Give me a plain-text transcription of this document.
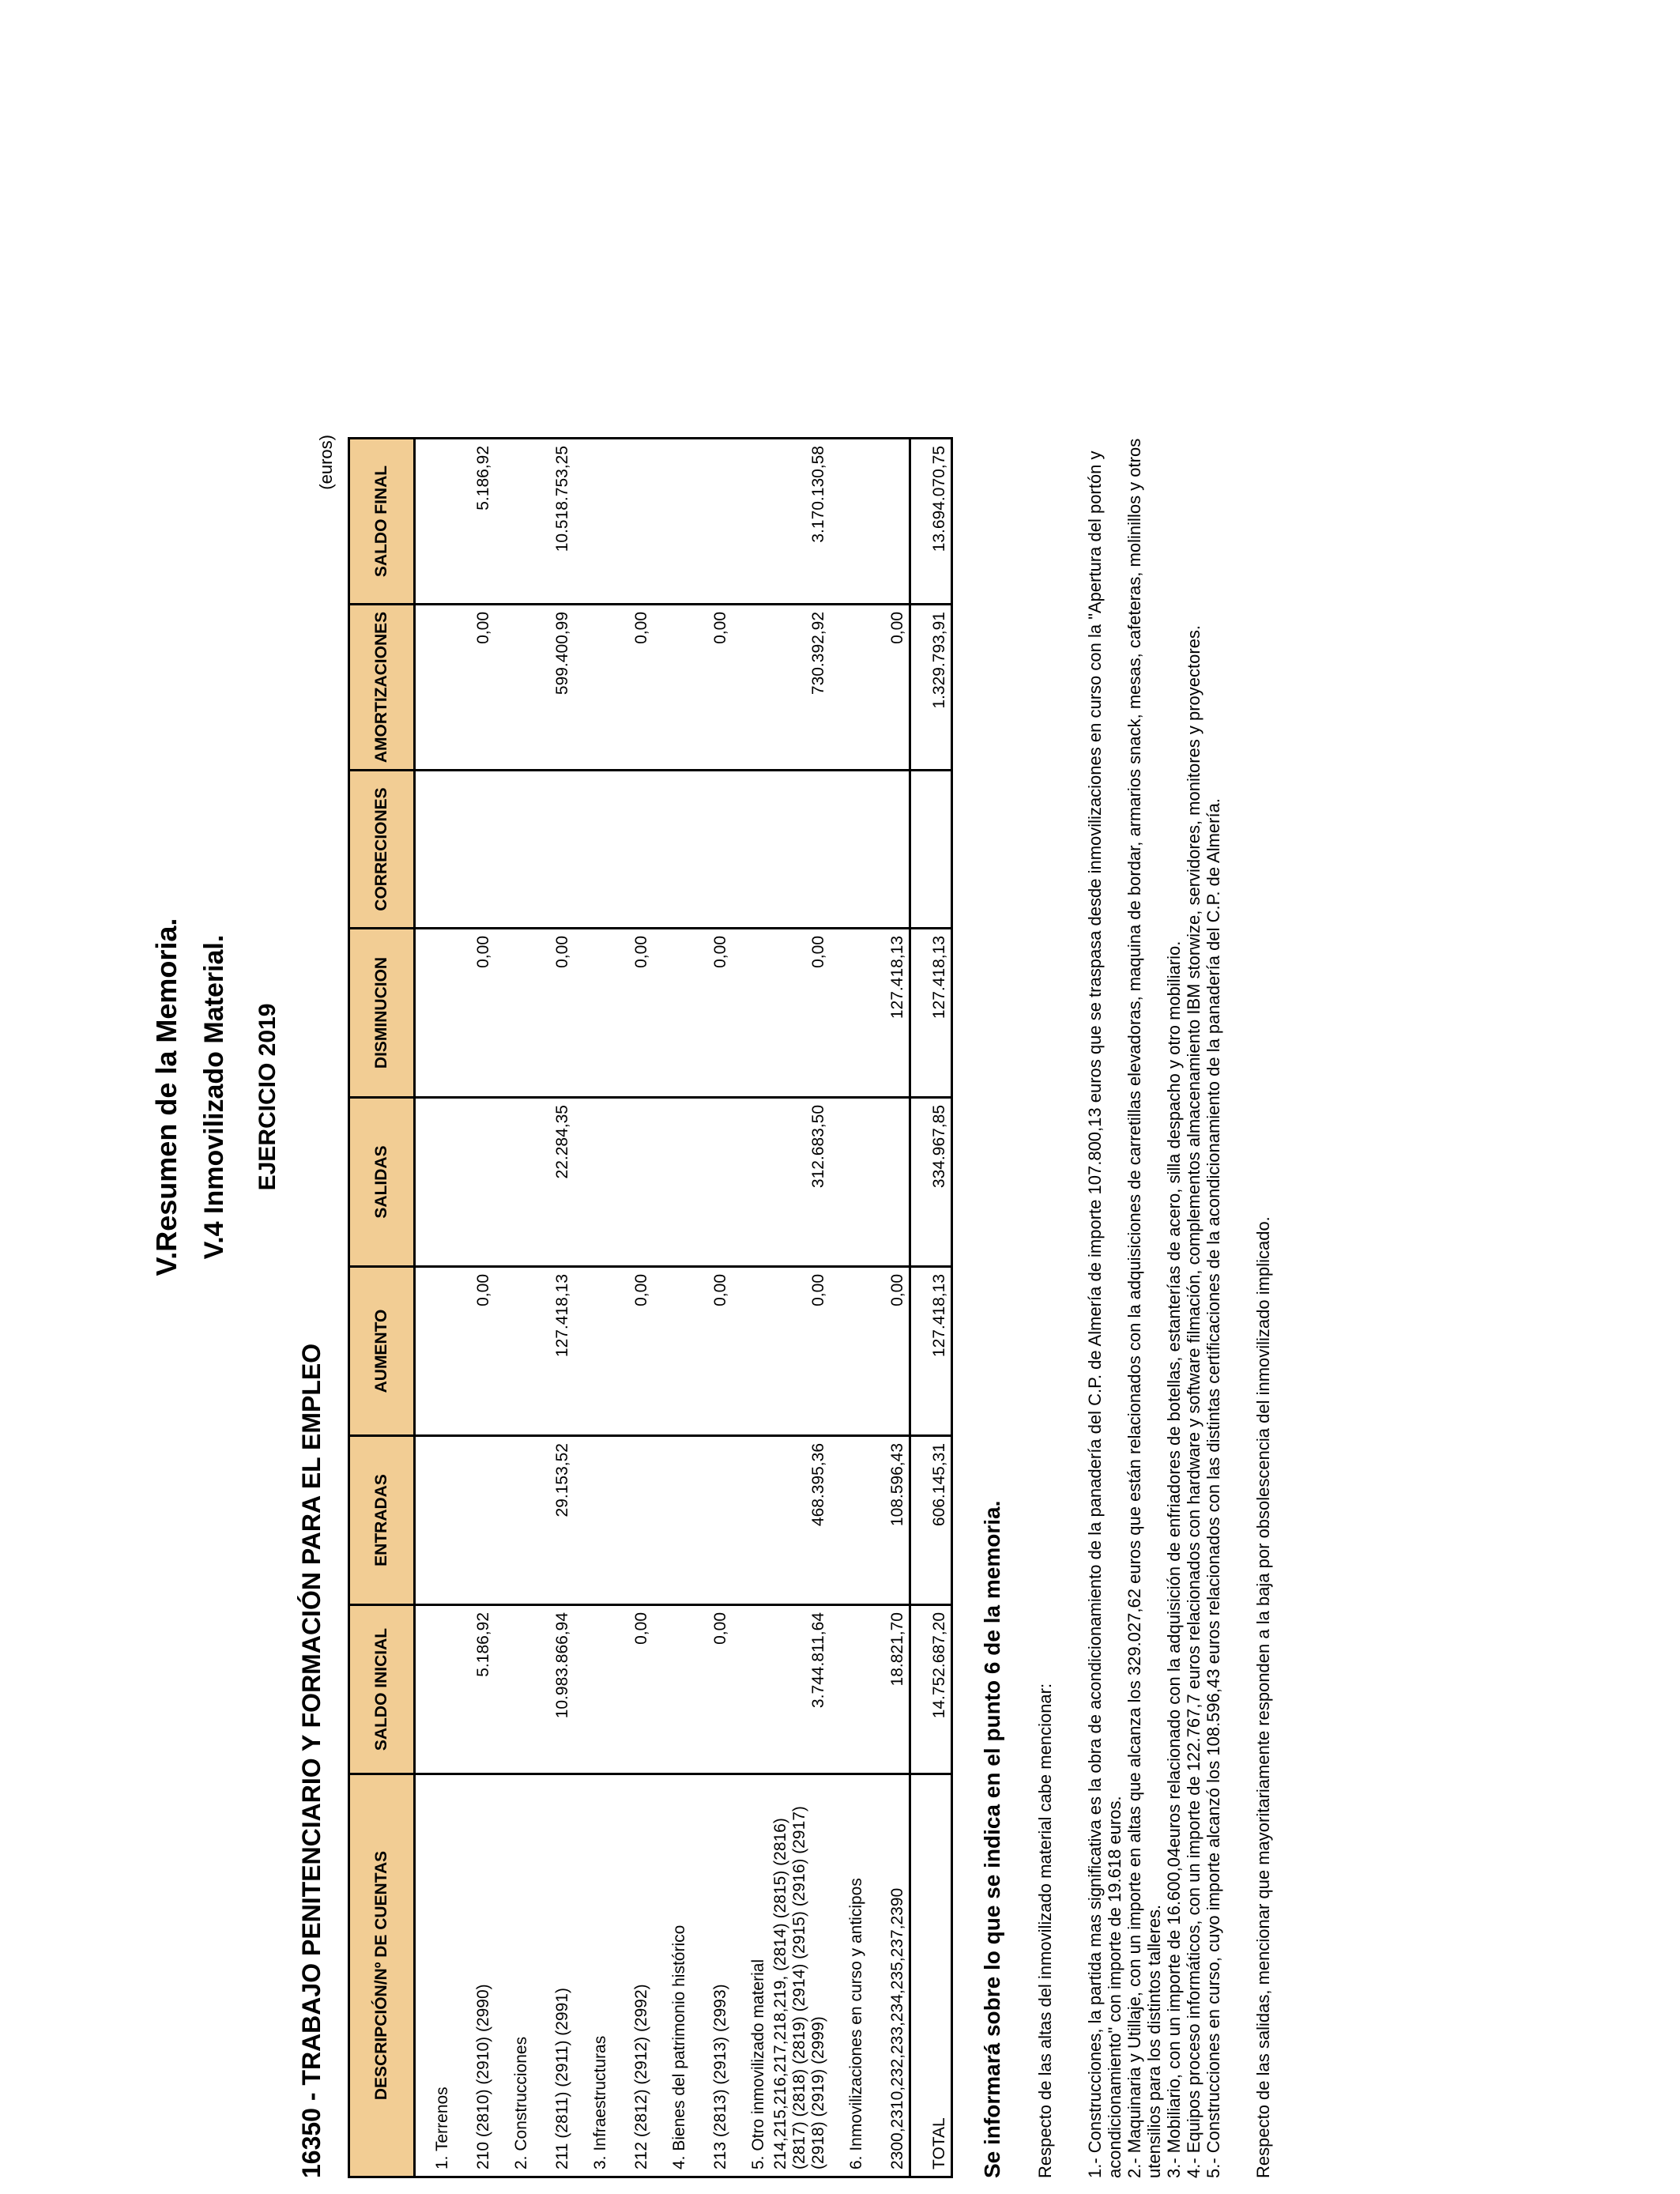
V.Resumen de la Memoria. V.4 Inmovilizado Material. EJERCICIO 2019
16350 - TRABAJO PENITENCIARIO Y FORMACIÓN PARA EL EMPLEO
(euros)
DESCRIPCIÓN/Nº DE CUENTAS	SALDO INICIAL	ENTRADAS	AUMENTO	SALIDAS	DISMINUCION	CORRECIONES	AMORTIZACIONES	SALDO FINAL
1. Terrenos								
210 (2810) (2910) (2990)	5.186,92		0,00		0,00		0,00	5.186,92
2. Construcciones								
211 (2811) (2911) (2991)	10.983.866,94	29.153,52	127.418,13	22.284,35	0,00		599.400,99	10.518.753,25
3. Infraestructuras								
212 (2812) (2912) (2992)	0,00		0,00		0,00		0,00	
4. Bienes del patrimonio histórico								
213 (2813) (2913) (2993)	0,00		0,00		0,00		0,00	
5. Otro inmovilizado material								
214,215,216,217,218,219, (2814) (2815) (2816) (2817) (2818) (2819) (2914) (2915) (2916) (2917) (2918) (2919) (2999)	3.744.811,64	468.395,36	0,00	312.683,50	0,00		730.392,92	3.170.130,58
6. Inmovilizaciones en curso y anticipos								
2300,2310,232,233,234,235,237,2390	18.821,70	108.596,43	0,00		127.418,13		0,00	
TOTAL	14.752.687,20	606.145,31	127.418,13	334.967,85	127.418,13		1.329.793,91	13.694.070,75
Se informará sobre lo que se indica en el punto 6 de la memoria. Respecto de las altas del inmovilizado material cabe mencionar: 1.- Construcciones, la partida mas significativa es la obra de acondicionamiento de la panadería del C.P. de Almería de importe 107.800,13 euros que se traspasa desde inmovilizaciones en curso con la "Apertura del portón y acondicionamiento" con importe de 19.618 euros. 2.- Maquinaria y Utillaje, con un importe en altas que alcanza los 329.027,62 euros que están relacionados con la adquisiciones de carretillas elevadoras, maquina de bordar, armarios snack, mesas, cafeteras, molinillos y otros utensilios para los distintos talleres. 3.- Mobiliario, con un importe de 16.600,04euros relacionado con la adquisición de enfriadores de botellas, estanterías de acero, silla despacho y otro mobiliario. 4.- Equipos proceso informáticos, con un importe de 122.767,7 euros relacionados con hardware y software filmación, complementos almacenamiento IBM storwize, servidores, monitores y proyectores. 5.- Construcciones en curso, cuyo importe alcanzó los 108.596,43 euros relacionados con las distintas certificaciones de la acondicionamiento de la panadería del C.P. de Almería. Respecto de las salidas, mencionar que mayoritariamente responden a la baja por obsolescencia del inmovilizado implicado.
